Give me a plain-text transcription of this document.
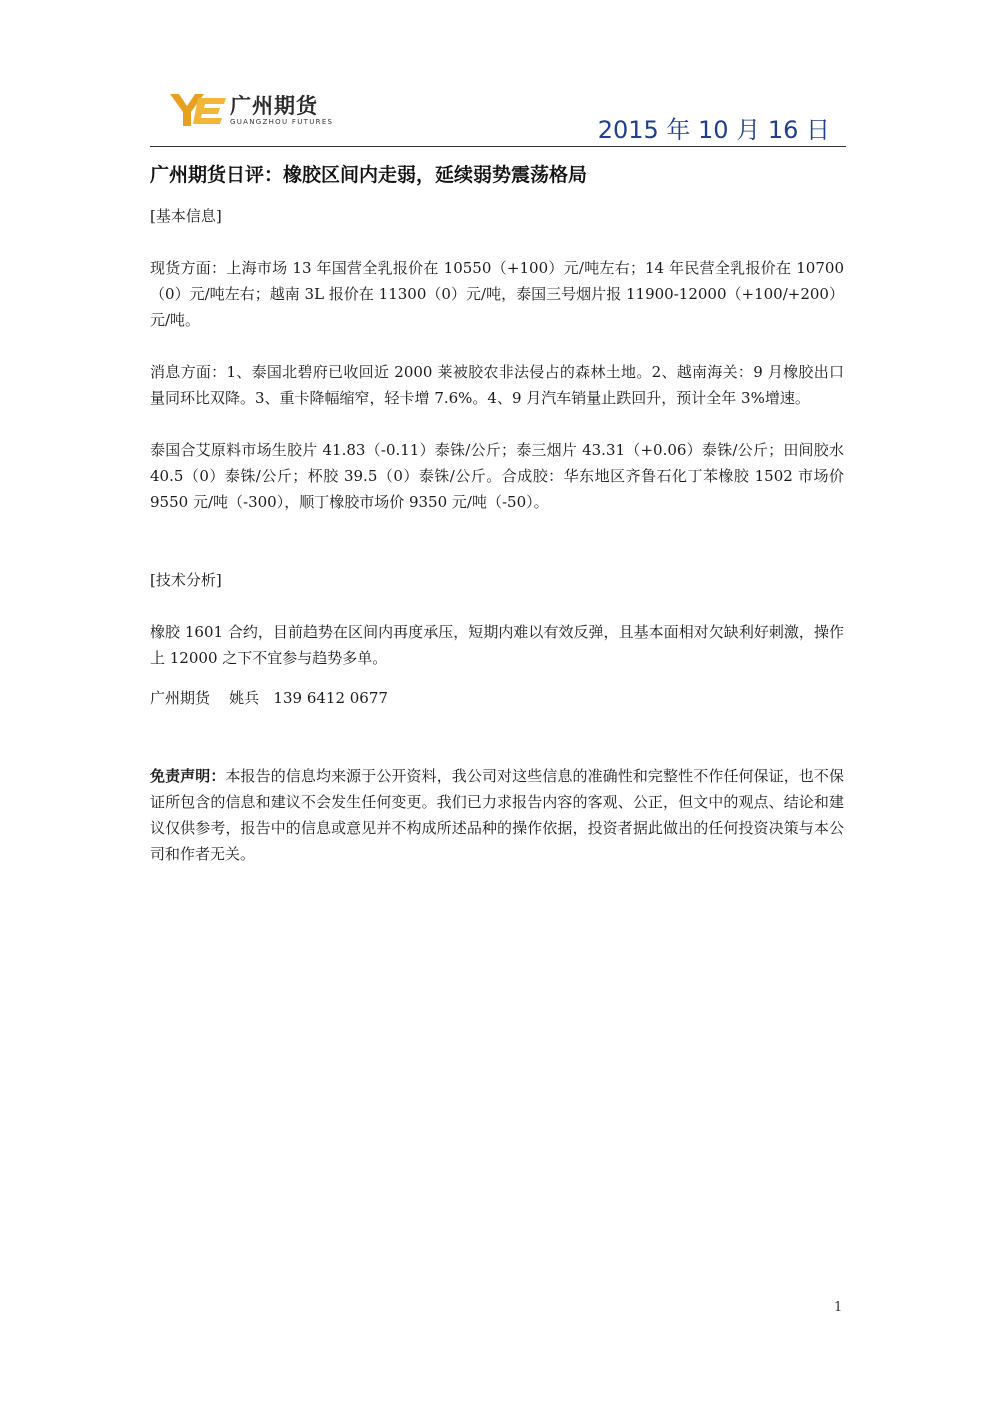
广州期货
GUANGZHOU FUTURES	2015 年 10 月 16 日
广州期货日评：橡胶区间内走弱，延续弱势震荡格局

[基本信息]

现货方面：上海市场 13 年国营全乳报价在 10550（+100）元/吨左右；14 年民营全乳报价在 10700（0）元/吨左右；越南 3L 报价在 11300（0）元/吨，泰国三号烟片报 11900-12000（+100/+200）元/吨。

消息方面：1、泰国北碧府已收回近 2000 莱被胶农非法侵占的森林土地。2、越南海关：9 月橡胶出口量同环比双降。3、重卡降幅缩窄，轻卡增 7.6%。4、9 月汽车销量止跌回升，预计全年 3%增速。

泰国合艾原料市场生胶片 41.83（-0.11）泰铢/公斤；泰三烟片 43.31（+0.06）泰铢/公斤；田间胶水 40.5（0）泰铢/公斤；杯胶 39.5（0）泰铢/公斤。合成胶：华东地区齐鲁石化丁苯橡胶 1502 市场价 9550 元/吨（-300），顺丁橡胶市场价 9350 元/吨（-50）。

[技术分析]

橡胶 1601 合约，目前趋势在区间内再度承压，短期内难以有效反弹，且基本面相对欠缺利好刺激，操作上 12000 之下不宜参与趋势多单。

广州期货 姚兵 139 6412 0677

免责声明：本报告的信息均来源于公开资料，我公司对这些信息的准确性和完整性不作任何保证，也不保证所包含的信息和建议不会发生任何变更。我们已力求报告内容的客观、公正，但文中的观点、结论和建议仅供参考，报告中的信息或意见并不构成所述品种的操作依据，投资者据此做出的任何投资决策与本公司和作者无关。

1
